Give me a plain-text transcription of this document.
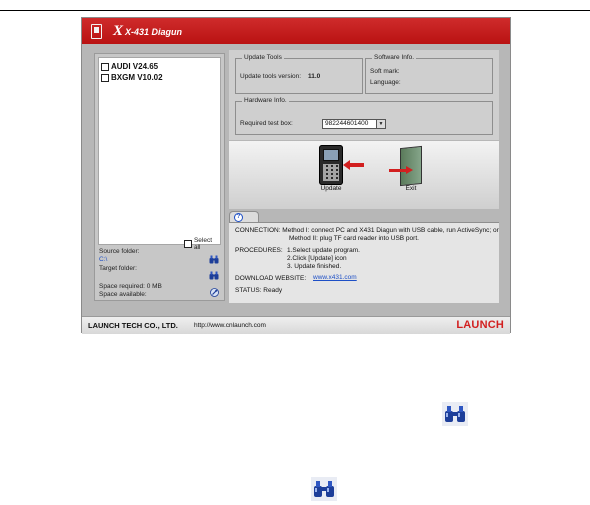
X X-431 Diagun
AUDI V24.65
BXGM V10.02
Select all
Source folder:
C:\
Target folder:
Space required: 0 MB
Space available:
Update Tools
Update tools version: 11.0
Software Info.
Soft mark:
Language:
Hardware Info.
Required test box:	982244601400	▼
Update	Exit
?
CONNECTION: Method I: connect PC and X431 Diagun with USB cable, run ActiveSync; or
Method II: plug TF card reader into USB port.
PROCEDURES: 1.Select update program.
2.Click [Update] icon
3. Update finished.
DOWNLOAD WEBSITE: www.x431.com
STATUS: Ready
LAUNCH TECH CO., LTD. http://www.cnlaunch.com	LAUNCH
